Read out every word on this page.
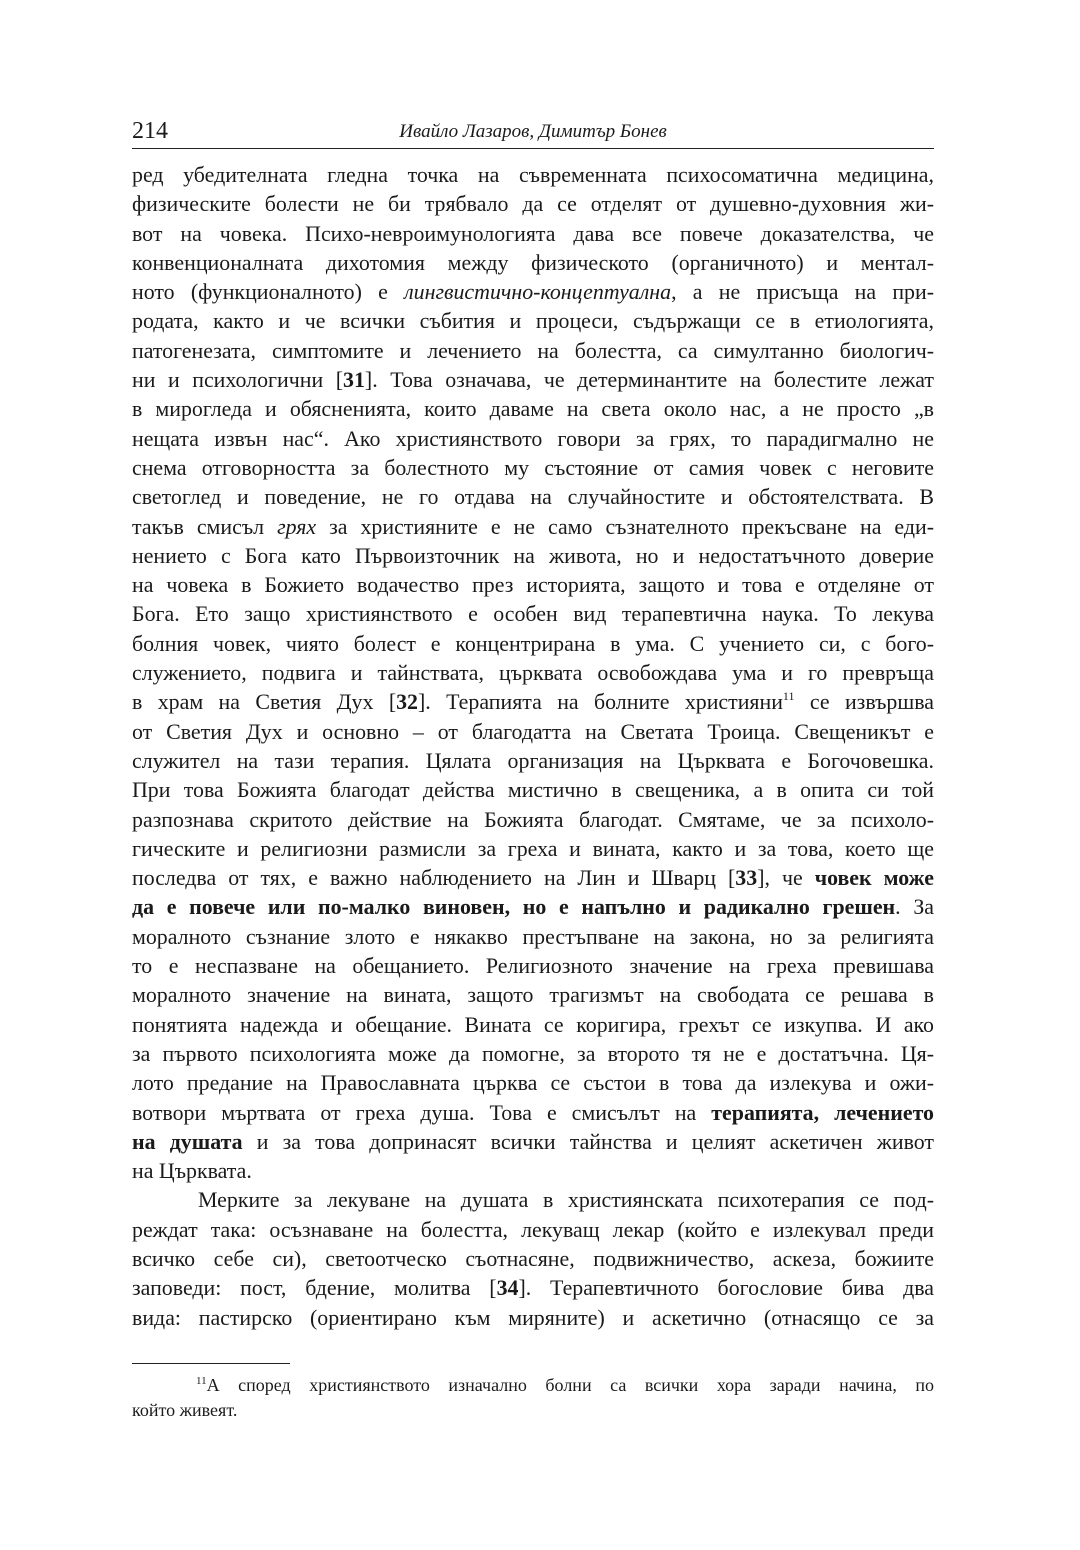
214	Ивайло Лазаров, Димитър Бонев
ред убедителната гледна точка на съвременната психосоматична медицина,
физическите болести не би трябвало да се отделят от душевно-духовния жи-
вот на човека. Психо-невроимунологията дава все повече доказателства, че
конвенционалната дихотомия между физическото (органичното) и ментал-
ното (функционалното) е лингвистично-концептуална, а не присъща на при-
родата, както и че всички събития и процеси, съдържащи се в етиологията,
патогенезата, симптомите и лечението на болестта, са симултанно биологич-
ни и психологични [31]. Това означава, че детерминантите на болестите лежат
в мирогледа и обясненията, които даваме на света около нас, а не просто „в
нещата извън нас“. Ако християнството говори за грях, то парадигмално не
снема отговорността за болестното му състояние от самия човек с неговите
светоглед и поведение, не го отдава на случайностите и обстоятелствата. В
такъв смисъл грях за християните е не само съзнателното прекъсване на еди-
нението с Бога като Първоизточник на живота, но и недостатъчното доверие
на човека в Божието водачество през историята, защото и това е отделяне от
Бога. Ето защо християнството е особен вид терапевтична наука. То лекува
болния човек, чиято болест е концентрирана в ума. С учението си, с бого-
служението, подвига и тайнствата, църквата освобождава ума и го превръща
в храм на Светия Дух [32]. Терапията на болните християни$^{11}$ се извършва
от Светия Дух и основно – от благодатта на Светата Троица. Свещеникът е
служител на тази терапия. Цялата организация на Църквата е Богочовешка.
При това Божията благодат действа мистично в свещеника, а в опита си той
разпознава скритото действие на Божията благодат. Смятаме, че за психоло-
гическите и религиозни размисли за греха и вината, както и за това, което ще
последва от тях, е важно наблюдението на Лин и Шварц [33], че човек може
да е повече или по-малко виновен, но е напълно и радикално грешен. За
моралното съзнание злото е някакво престъпване на закона, но за религията
то е неспазване на обещанието. Религиозното значение на греха превишава
моралното значение на вината, защото трагизмът на свободата се решава в
понятията надежда и обещание. Вината се коригира, грехът се изкупва. И ако
за първото психологията може да помогне, за второто тя не е достатъчна. Ця-
лото предание на Православната църква се състои в това да излекува и ожи-
вотвори мъртвата от греха душа. Това е смисълът на терапията, лечението
на душата и за това допринасят всички тайнства и целият аскетичен живот
на Църквата.
Мерките за лекуване на душата в християнската психотерапия се под-
реждат така: осъзнаване на болестта, лекуващ лекар (който е излекувал преди
всичко себе си), светоотческо съотнасяне, подвижничество, аскеза, божиите
заповеди: пост, бдение, молитва [34]. Терапевтичното богословие бива два
вида: пастирско (ориентирано към миряните) и аскетично (отнасящо се за
$^{11}$А според християнството изначално болни са всички хора заради начина, по
който живеят.
